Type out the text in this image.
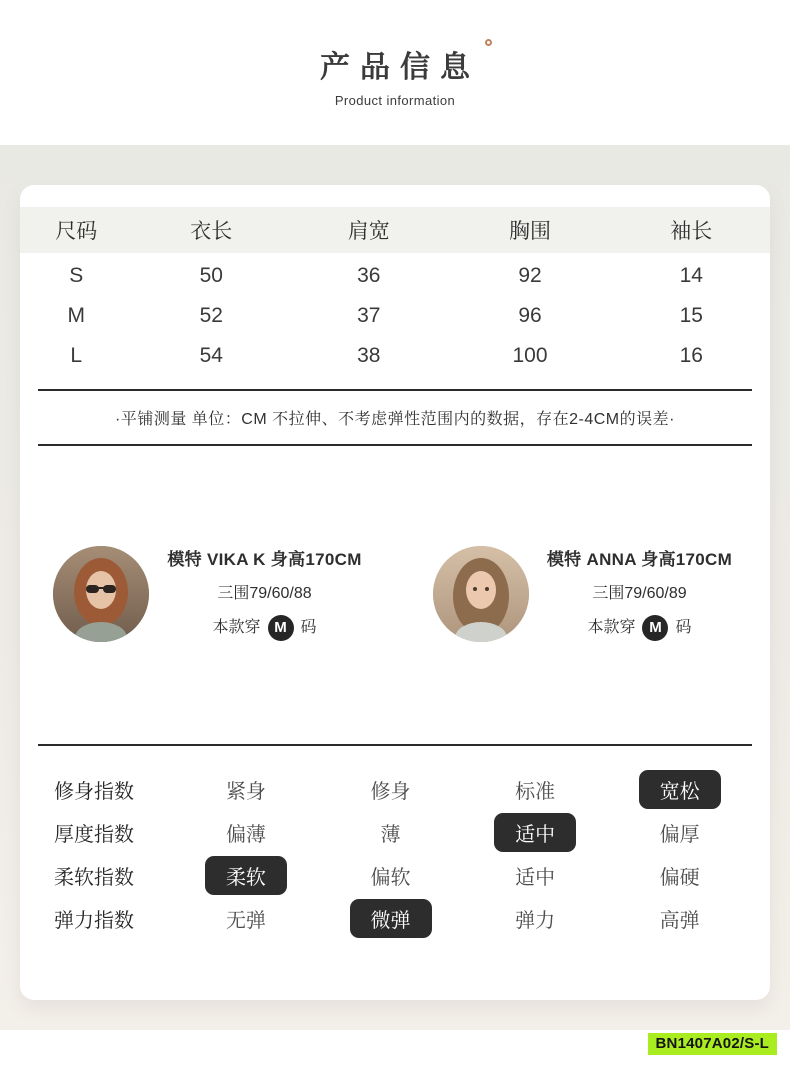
产品信息
Product information
尺码	衣长	肩宽	胸围	袖长
S	50	36	92	14
M	52	37	96	15
L	54	38	100	16
·平铺测量 单位：CM 不拉伸、不考虑弹性范围内的数据，存在2-4CM的误差·
模特 VIKA K 身高170CM
三围79/60/88
本款穿 M 码
模特 ANNA 身高170CM
三围79/60/89
本款穿 M 码
修身指数	紧身	修身	标准	宽松
厚度指数	偏薄	薄	适中	偏厚
柔软指数	柔软	偏软	适中	偏硬
弹力指数	无弹	微弹	弹力	高弹
BN1407A02/S-L
